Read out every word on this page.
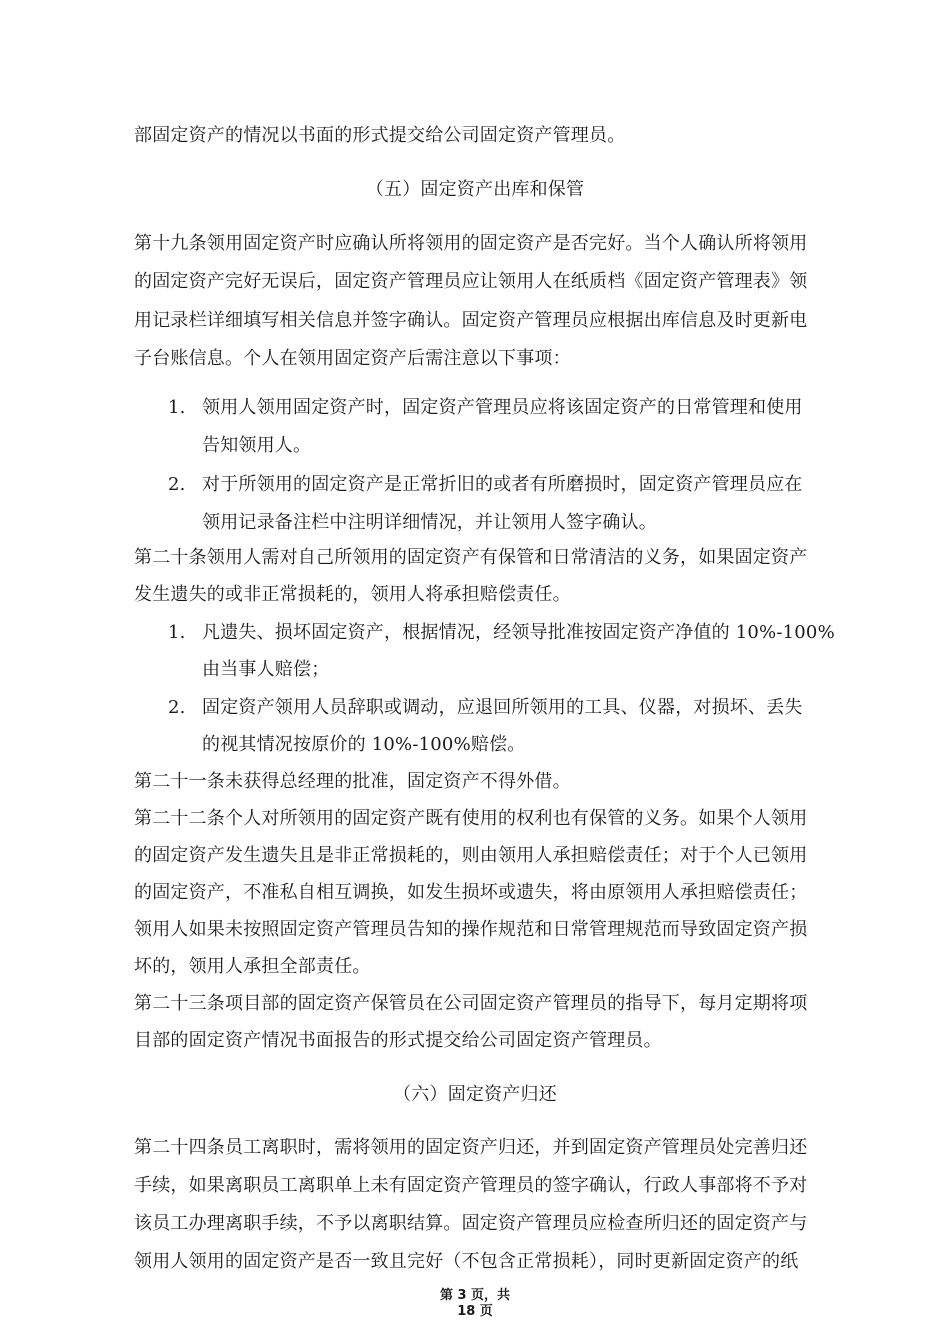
部固定资产的情况以书面的形式提交给公司固定资产管理员。
（五）固定资产出库和保管
第十九条领用固定资产时应确认所将领用的固定资产是否完好。当个人确认所将领用
的固定资产完好无误后，固定资产管理员应让领用人在纸质档《固定资产管理表》领
用记录栏详细填写相关信息并签字确认。固定资产管理员应根据出库信息及时更新电
子台账信息。个人在领用固定资产后需注意以下事项：
1. 领用人领用固定资产时，固定资产管理员应将该固定资产的日常管理和使用
告知领用人。
2. 对于所领用的固定资产是正常折旧的或者有所磨损时，固定资产管理员应在
领用记录备注栏中注明详细情况，并让领用人签字确认。
第二十条领用人需对自己所领用的固定资产有保管和日常清洁的义务，如果固定资产
发生遗失的或非正常损耗的，领用人将承担赔偿责任。
1. 凡遗失、损坏固定资产，根据情况，经领导批准按固定资产净值的 10%-100%
由当事人赔偿；
2. 固定资产领用人员辞职或调动，应退回所领用的工具、仪器，对损坏、丢失
的视其情况按原价的 10%-100%赔偿。
第二十一条未获得总经理的批准，固定资产不得外借。
第二十二条个人对所领用的固定资产既有使用的权利也有保管的义务。如果个人领用
的固定资产发生遗失且是非正常损耗的，则由领用人承担赔偿责任；对于个人已领用
的固定资产，不准私自相互调换，如发生损坏或遗失，将由原领用人承担赔偿责任；
领用人如果未按照固定资产管理员告知的操作规范和日常管理规范而导致固定资产损
坏的，领用人承担全部责任。
第二十三条项目部的固定资产保管员在公司固定资产管理员的指导下，每月定期将项
目部的固定资产情况书面报告的形式提交给公司固定资产管理员。
（六）固定资产归还
第二十四条员工离职时，需将领用的固定资产归还，并到固定资产管理员处完善归还
手续，如果离职员工离职单上未有固定资产管理员的签字确认，行政人事部将不予对
该员工办理离职手续，不予以离职结算。固定资产管理员应检查所归还的固定资产与
领用人领用的固定资产是否一致且完好（不包含正常损耗），同时更新固定资产的纸
第 3 页，共
18 页
